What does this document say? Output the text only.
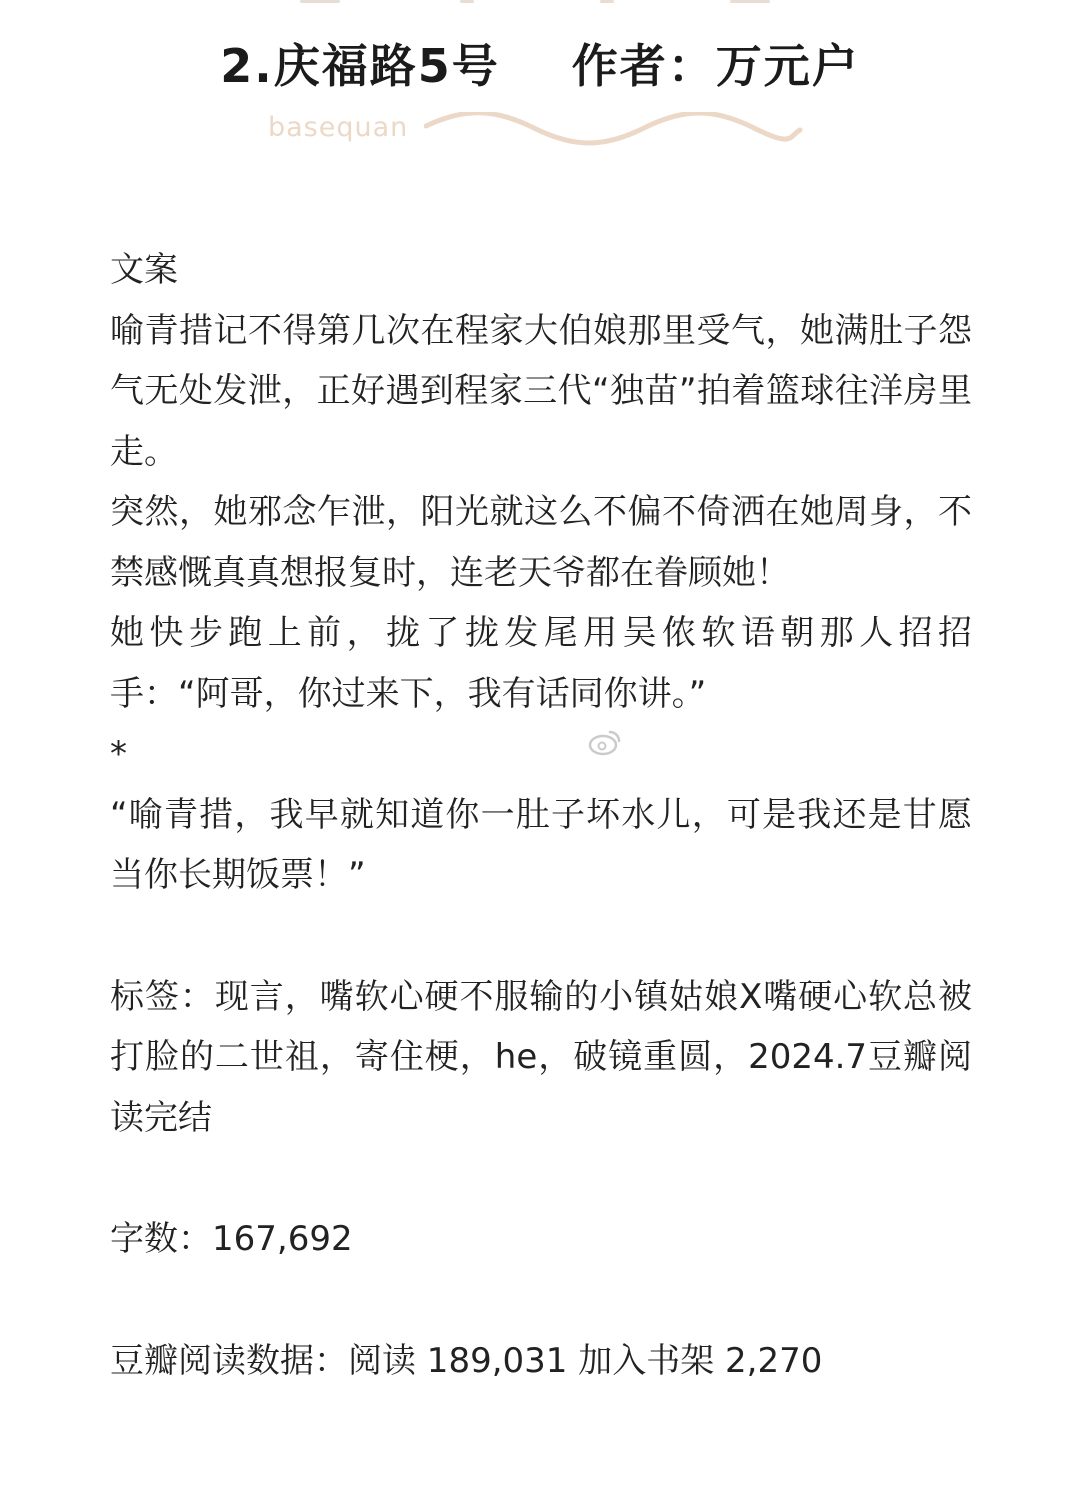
2.庆福路5号    作者：万元户
basequan

文案

喻青措记不得第几次在程家大伯娘那里受气，她满肚子怨气无处发泄，正好遇到程家三代“独苗”拍着篮球往洋房里走。

突然，她邪念乍泄，阳光就这么不偏不倚洒在她周身，不禁感慨真真想报复时，连老天爷都在眷顾她！

她快步跑上前，拢了拢发尾用吴侬软语朝那人招招手：“阿哥，你过来下，我有话同你讲。”

*

“喻青措，我早就知道你一肚子坏水儿，可是我还是甘愿当你长期饭票！”

标签：现言，嘴软心硬不服输的小镇姑娘X嘴硬心软总被打脸的二世祖，寄住梗，he，破镜重圆，2024.7豆瓣阅读完结

字数：167,692

豆瓣阅读数据：阅读 189,031 加入书架 2,270
